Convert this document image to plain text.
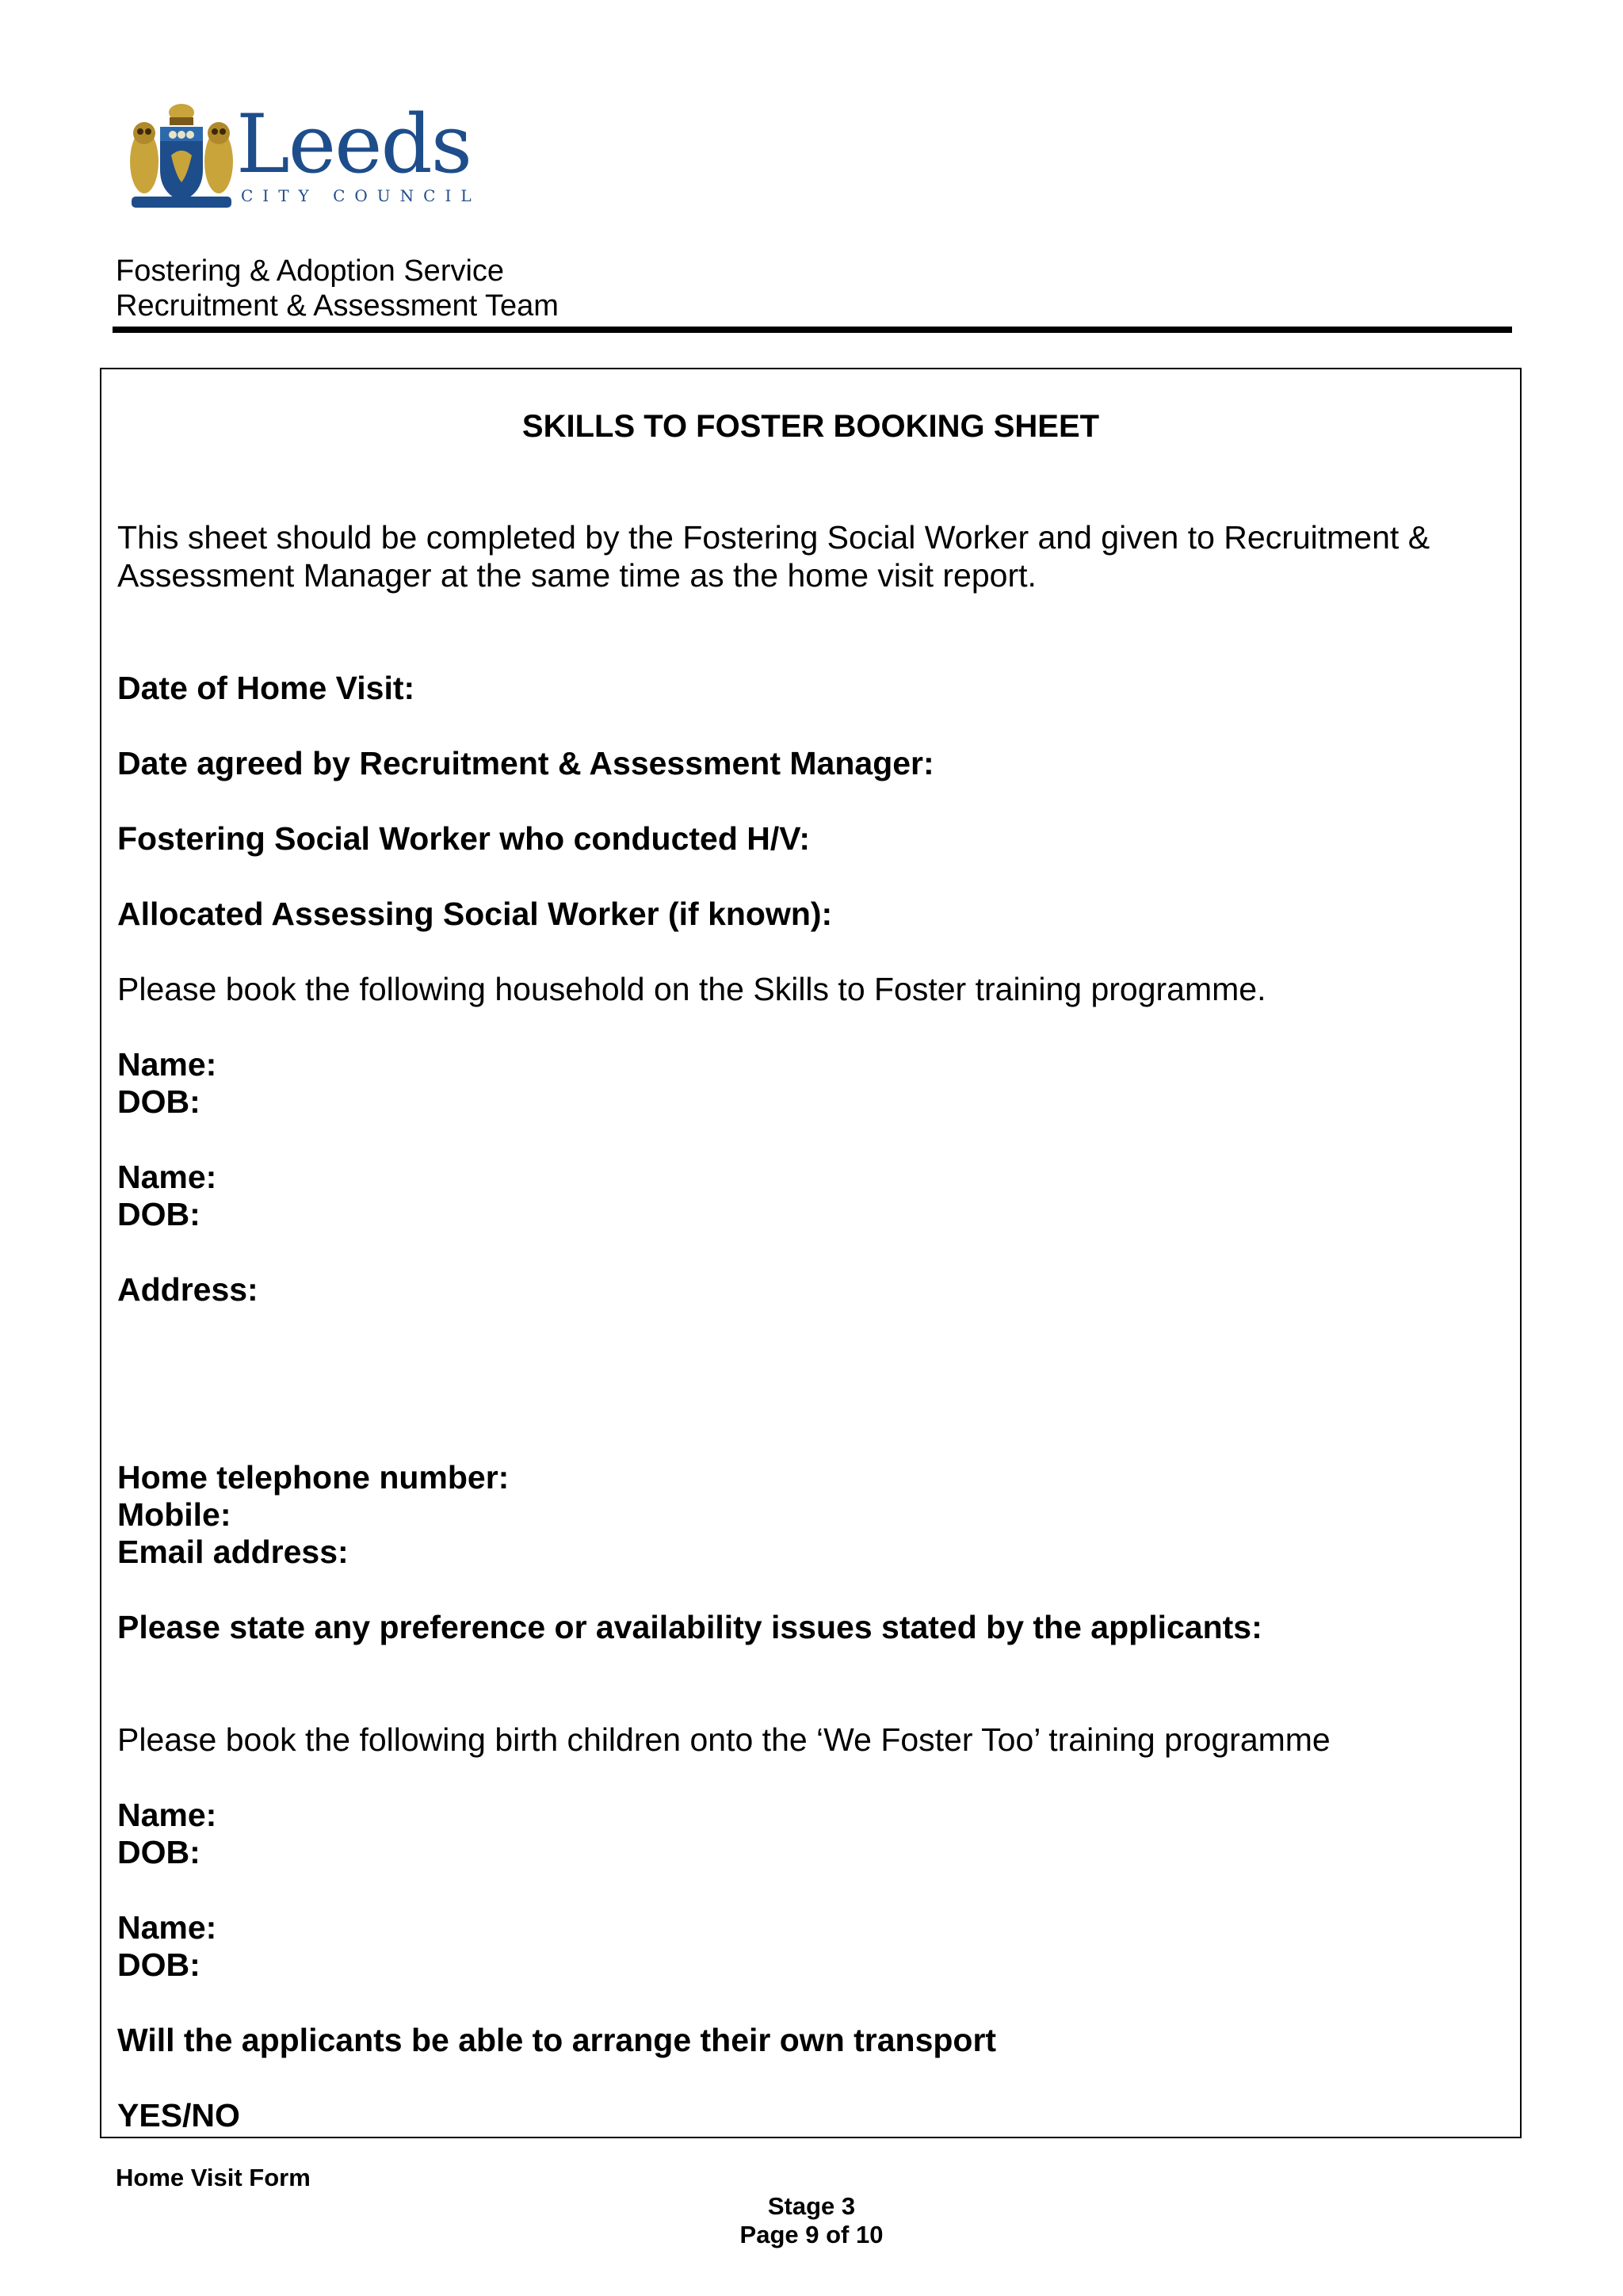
Leeds
CITY COUNCIL
Fostering & Adoption Service
Recruitment & Assessment Team
SKILLS TO FOSTER BOOKING SHEET
This sheet should be completed by the Fostering Social Worker and given to Recruitment &
Assessment Manager at the same time as the home visit report.
Date of Home Visit:
Date agreed by Recruitment & Assessment Manager:
Fostering Social Worker who conducted H/V:
Allocated Assessing Social Worker (if known):
Please book the following household on the Skills to Foster training programme.
Name:
DOB:
Name:
DOB:
Address:
Home telephone number:
Mobile:
Email address:
Please state any preference or availability issues stated by the applicants:
Please book the following birth children onto the ‘We Foster Too’ training programme
Name:
DOB:
Name:
DOB:
Will the applicants be able to arrange their own transport
YES/NO
Home Visit Form
Stage 3
Page 9 of 10
